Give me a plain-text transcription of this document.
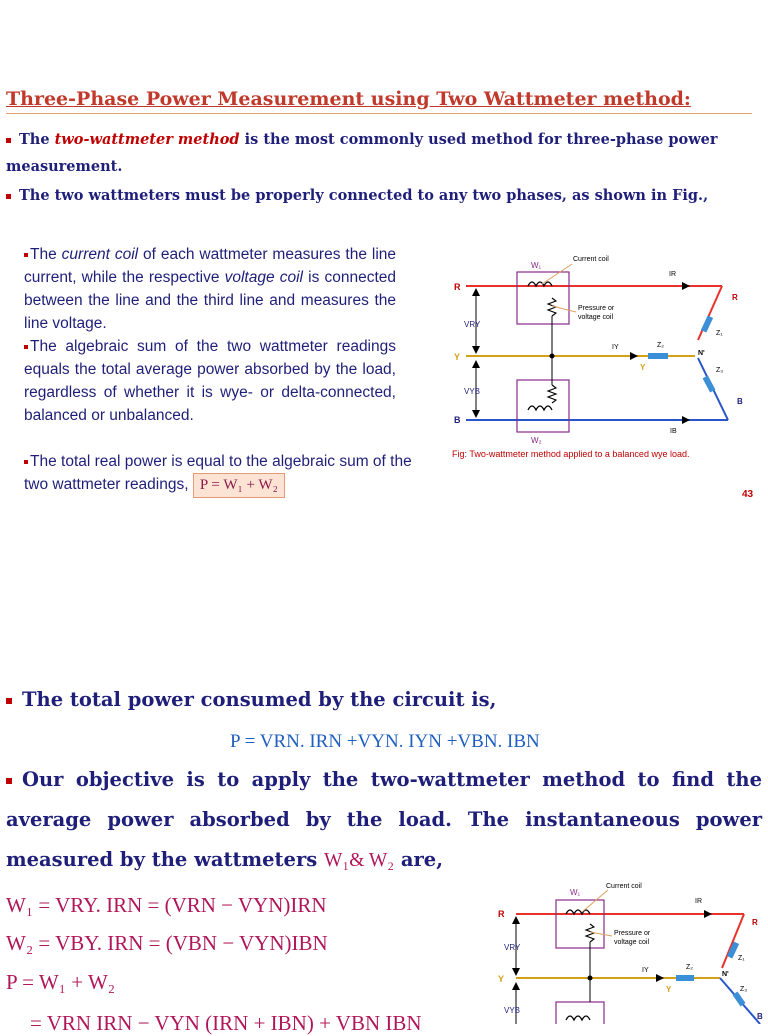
Three-Phase Power Measurement using Two Wattmeter method:
The two-wattmeter method is the most commonly used method for three-phase power measurement.
The two wattmeters must be properly connected to any two phases, as shown in Fig.,
The current coil of each wattmeter measures the line current, while the respective voltage coil is connected between the line and the third line and measures the line voltage.
The algebraic sum of the two wattmeter readings equals the total average power absorbed by the load, regardless of whether it is wye- or delta-connected, balanced or unbalanced.
The total real power is equal to the algebraic sum of the two wattmeter readings, P = W₁ + W₂
W₁
W₂
Current coil
Pressure or
voltage coil
R
Y
B
R
Y
B
VRY
VYB
IR
IY
IB
Z₁
Z₂
Z₃
N'
Fig: Two-wattmeter method applied to a balanced wye load.
43
The total power consumed by the circuit is,
P = VRN. IRN +VYN. IYN +VBN. IBN
Our objective is to apply the two-wattmeter method to find the average power absorbed by the load. The instantaneous power measured by the wattmeters W₁& W₂ are,
W₁ = VRY. IRN = (VRN − VYN)IRN
W₂ = VBY. IRN = (VBN − VYN)IBN
P = W₁ + W₂
= VRN IRN − VYN (IRN + IBN) + VBN IBN
W₁
Current coil
Pressure or
voltage coil
R
Y
R
Y
VRY
VYB
IR
IY
Z₁
Z₂
Z₃
N'
B
